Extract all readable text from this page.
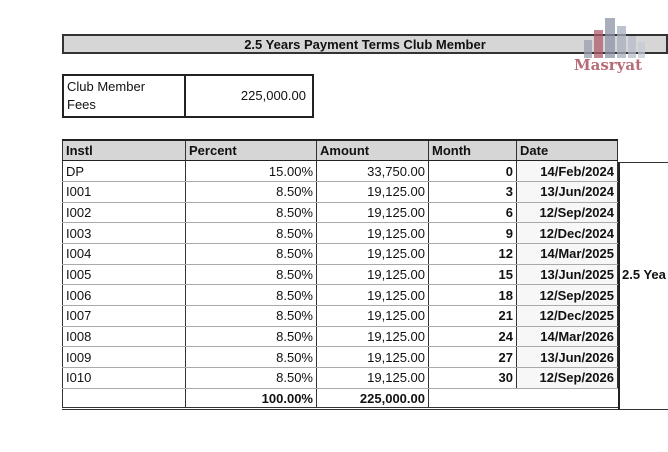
2.5 Years Payment Terms Club Member
Masryat
Club Member
Fees
225,000.00
2.5 Yea
Instl	Percent	Amount	Month	Date
DP	15.00%	33,750.00	0	14/Feb/2024
I001	8.50%	19,125.00	3	13/Jun/2024
I002	8.50%	19,125.00	6	12/Sep/2024
I003	8.50%	19,125.00	9	12/Dec/2024
I004	8.50%	19,125.00	12	14/Mar/2025
I005	8.50%	19,125.00	15	13/Jun/2025
I006	8.50%	19,125.00	18	12/Sep/2025
I007	8.50%	19,125.00	21	12/Dec/2025
I008	8.50%	19,125.00	24	14/Mar/2026
I009	8.50%	19,125.00	27	13/Jun/2026
I010	8.50%	19,125.00	30	12/Sep/2026
	100.00%	225,000.00		
